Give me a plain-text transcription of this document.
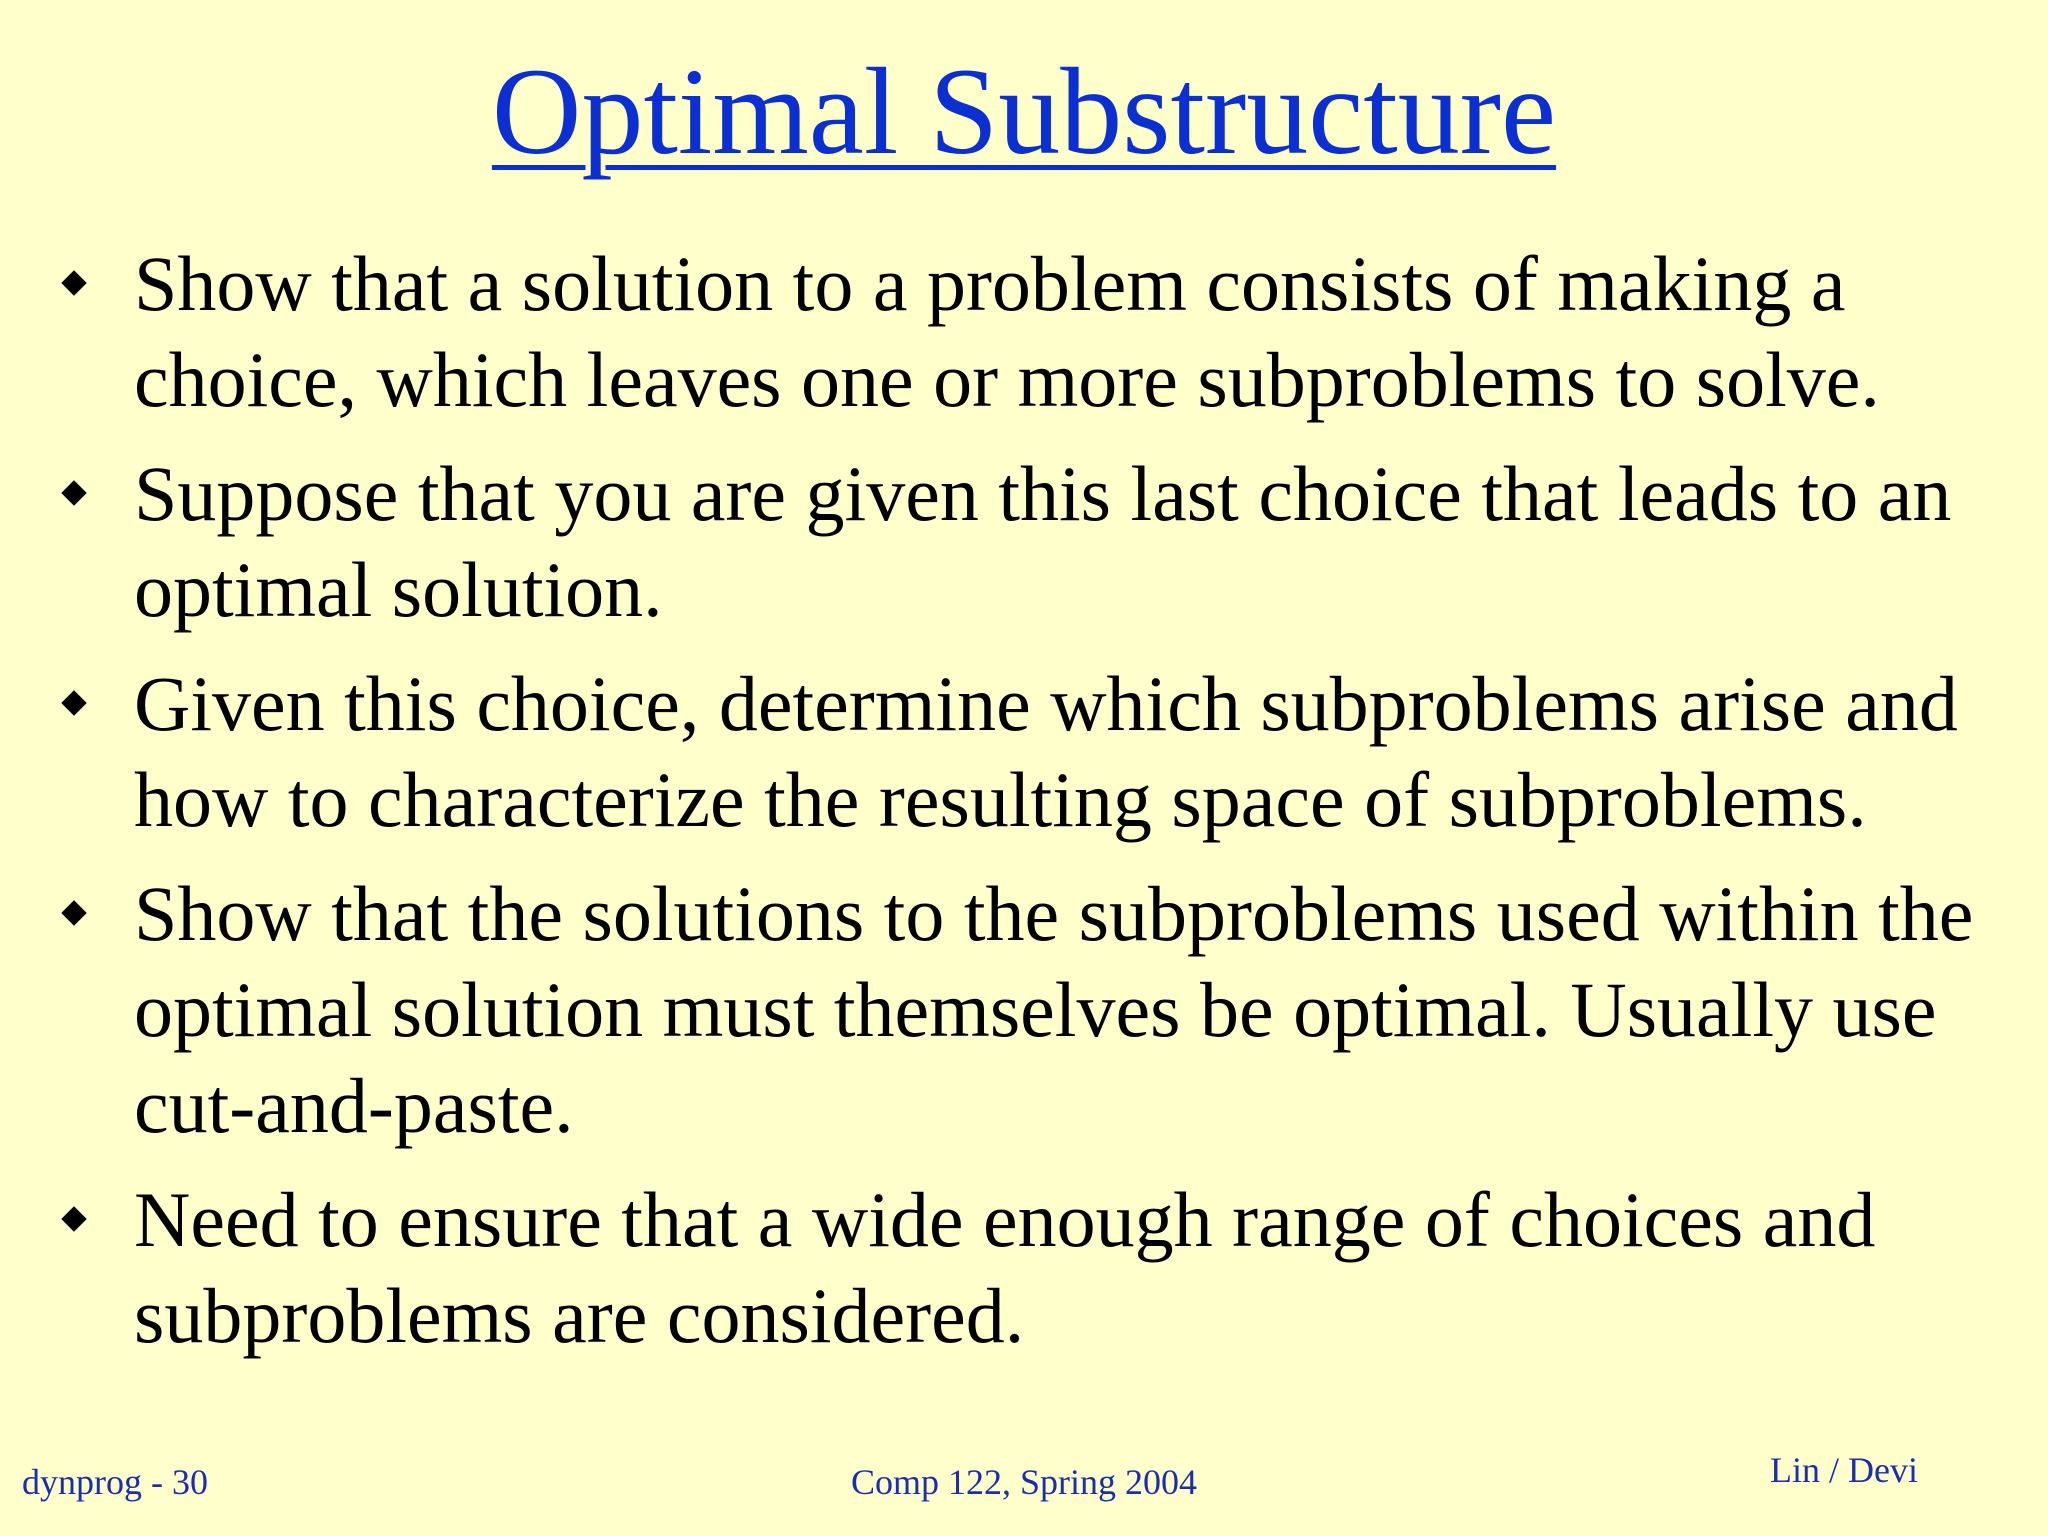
Optimal Substructure
Show that a solution to a problem consists of making a choice, which leaves one or more subproblems to solve.
Suppose that you are given this last choice that leads to an optimal solution.
Given this choice, determine which subproblems arise and how to characterize the resulting space of subproblems.
Show that the solutions to the subproblems used within the optimal solution must themselves be optimal. Usually use cut-and-paste.
Need to ensure that a wide enough range of choices and subproblems are considered.
dynprog - 30	Comp 122, Spring 2004	Lin / Devi
